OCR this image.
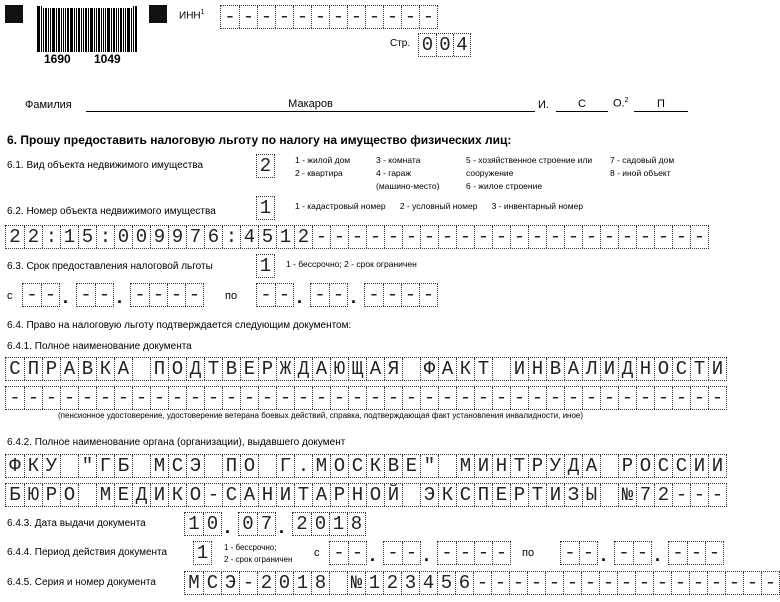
1690 1049
ИНН$^1$ - - - - - - - - - - - -
Стр. 0 0 4
Фамилия	Макаров	И.	С	О.$^2$	П
6. Прошу предоставить налоговую льготу по налогу на имущество физических лиц:
6.1. Вид объекта недвижимого имущества	2	1 - жилой дом
2 - квартира
3 - комната
4 - гараж
(машино-место)
5 - хозяйственное строение или
сооружение
6 - жилое строение
7 - садовый дом
8 - иной объект
6.2. Номер объекта недвижимого имущества 1	1 - кадастровый номер      2 - условный номер      3 - инвентарный номер
2 2 : 1 5 : 0 0 9 9 7 6 : 4 5 1 2 - - - - - - - - - - - - - - - - - - - - - -
6.3. Срок предоставления налоговой льготы 1	1 - бессрочно; 2 - срок ограничен
с - - . - - . - - - - по - - . - - . - - - -
6.4. Право на налоговую льготу подтверждается следующим документом:
6.4.1. Полное наименование документа
С П Р А В К А П О Д Т В Е Р Ж Д А Ю Щ А Я Ф А К Т И Н В А Л И Д Н О С Т И
- - - - - - - - - - - - - - - - - - - - - - - - - - - - - - - - - - - - - - - -
(пенсионное удостоверение, удостоверение ветерана боевых действий, справка, подтверждающая факт установления инвалидности, иное)
6.4.2. Полное наименование органа (организации), выдавшего документ
Ф К У " Г Б М С Э П О Г . М О С К В Е " М И Н Т Р У Д А Р О С С И И
Б Ю Р О М Е Д И К О - С А Н И Т А Р Н О Й Э К С П Е Р Т И З Ы № 7 2 - - -
6.4.3. Дата выдачи документа 1 0 . 0 7 . 2 0 1 8
6.4.4. Период действия документа 1	1 - бессрочно;
2 - срок ограничен
с - - . - - . - - - - по - - . - - . - - -
6.4.5. Серия и номер документа М С Э - 2 0 1 8 № 1 2 3 4 5 6 - - - - - - - - - - - - - - - - -
